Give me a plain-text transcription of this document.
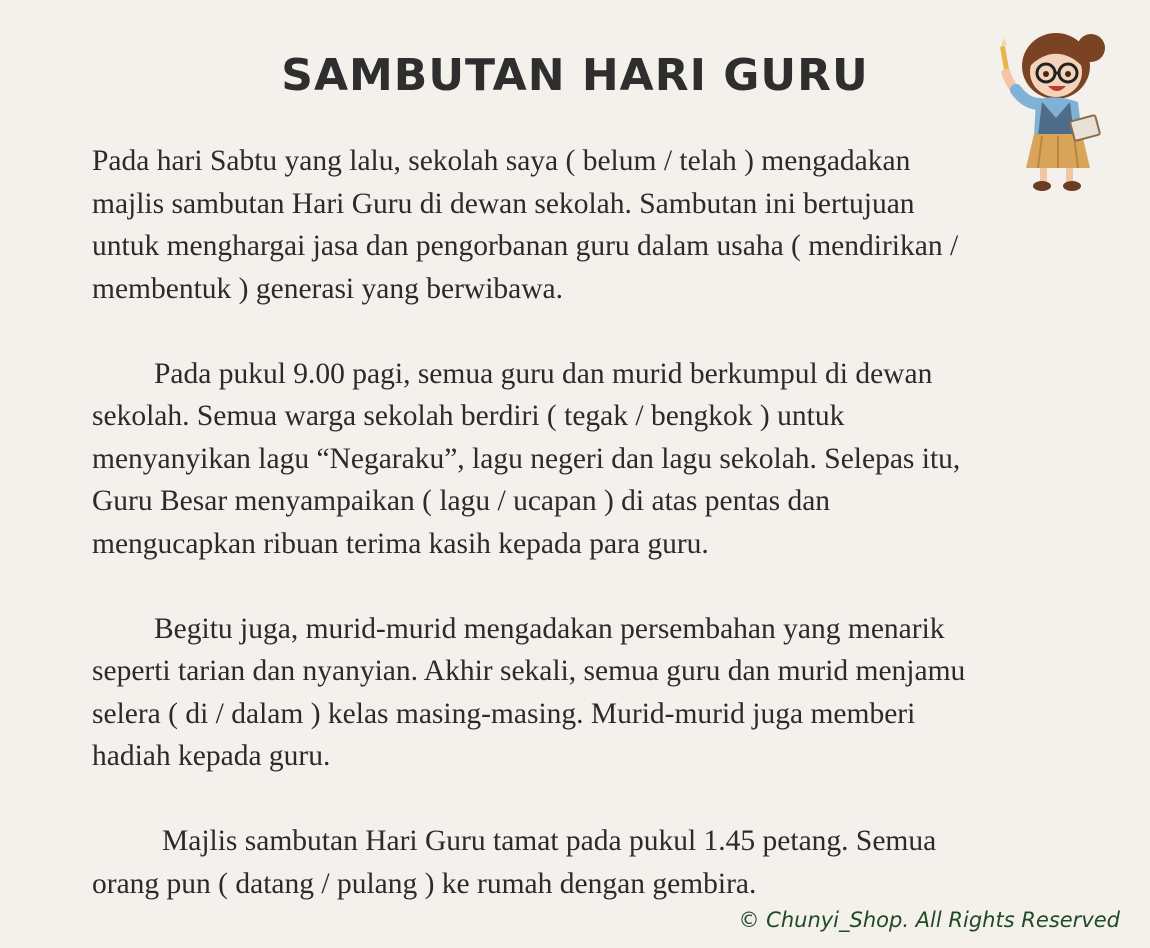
SAMBUTAN HARI GURU
Pada hari Sabtu yang lalu, sekolah saya ( belum / telah ) mengadakan
majlis sambutan Hari Guru di dewan sekolah. Sambutan ini bertujuan
untuk menghargai jasa dan pengorbanan guru dalam usaha ( mendirikan /
membentuk ) generasi yang berwibawa.
Pada pukul 9.00 pagi, semua guru dan murid berkumpul di dewan
sekolah. Semua warga sekolah berdiri ( tegak / bengkok ) untuk
menyanyikan lagu “Negaraku”, lagu negeri dan lagu sekolah. Selepas itu,
Guru Besar menyampaikan ( lagu / ucapan ) di atas pentas dan
mengucapkan ribuan terima kasih kepada para guru.
Begitu juga, murid-murid mengadakan persembahan yang menarik
seperti tarian dan nyanyian. Akhir sekali, semua guru dan murid menjamu
selera ( di / dalam ) kelas masing-masing. Murid-murid juga memberi
hadiah kepada guru.
Majlis sambutan Hari Guru tamat pada pukul 1.45 petang. Semua
orang pun ( datang / pulang ) ke rumah dengan gembira.
© Chunyi_Shop. All Rights Reserved
